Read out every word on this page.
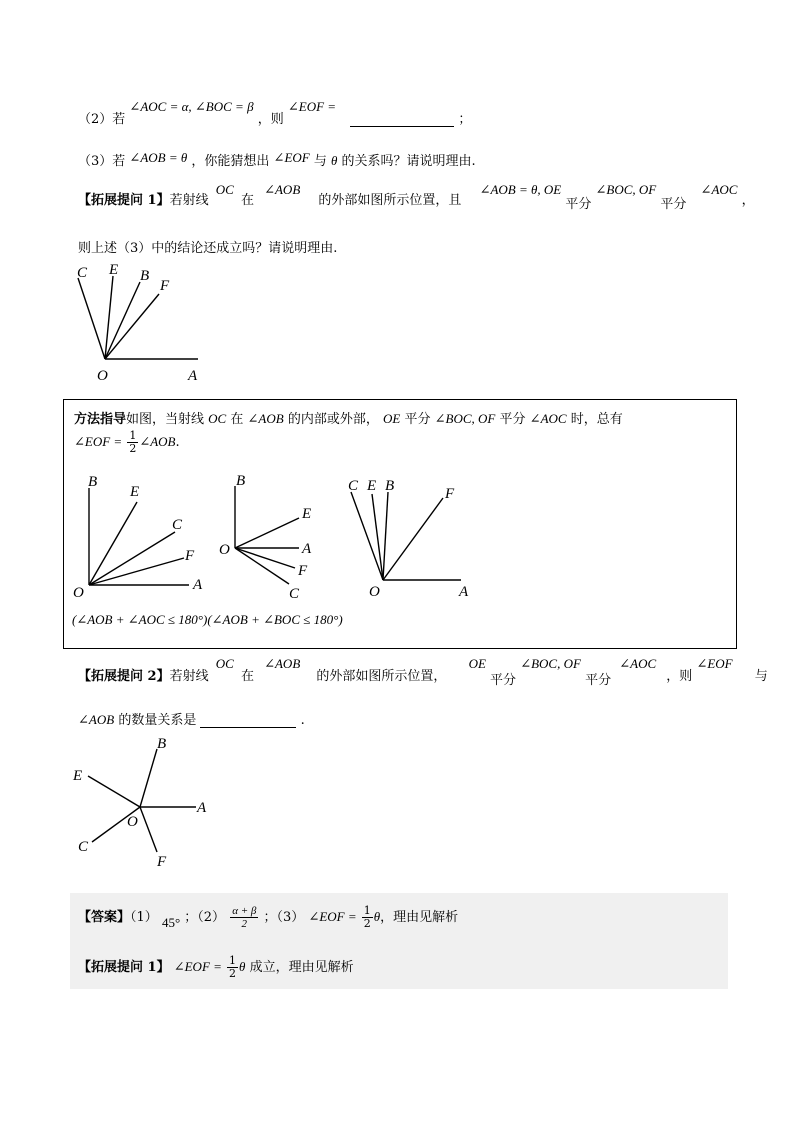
（2）若 ∠AOC = α, ∠BOC = β ，则 ∠EOF =  ；
（3）若 ∠AOB = θ ，你能猜想出 ∠EOF 与 θ 的关系吗？请说明理由.
【拓展提问 1】若射线 OC 在 ∠AOB 的外部如图所示位置，且 ∠AOB = θ, OE 平分 ∠BOC, OF 平分 ∠AOC ，
则上述（3）中的结论还成立吗？请说明理由.
C E B
F
O	A
方法指导如图，当射线 OC 在 ∠AOB 的内部或外部， OE 平分 ∠BOC, OF 平分 ∠AOC 时，总有
∠EOF = $\frac{1}{2}$ ∠AOB.
B
E
C
F
O	A
B
E
O	A
F
C
C E B	F
O	A
(∠AOB + ∠AOC ≤ 180°)(∠AOB + ∠BOC ≤ 180°)
【拓展提问 2】若射线 OC 在 ∠AOB 的外部如图所示位置， OE 平分 ∠BOC, OF 平分 ∠AOC ，则 ∠EOF 与
∠AOB 的数量关系是	.
B
E
A
O
C
F
【答案】（1） 45° ；$(2) \frac{\alpha + \beta}{2}$ ；（3） ∠EOF = $\frac{1}{2}$ θ，理由见解析
【拓展提问 1】 ∠EOF = $\frac{1}{2}$ θ 成立，理由见解析
